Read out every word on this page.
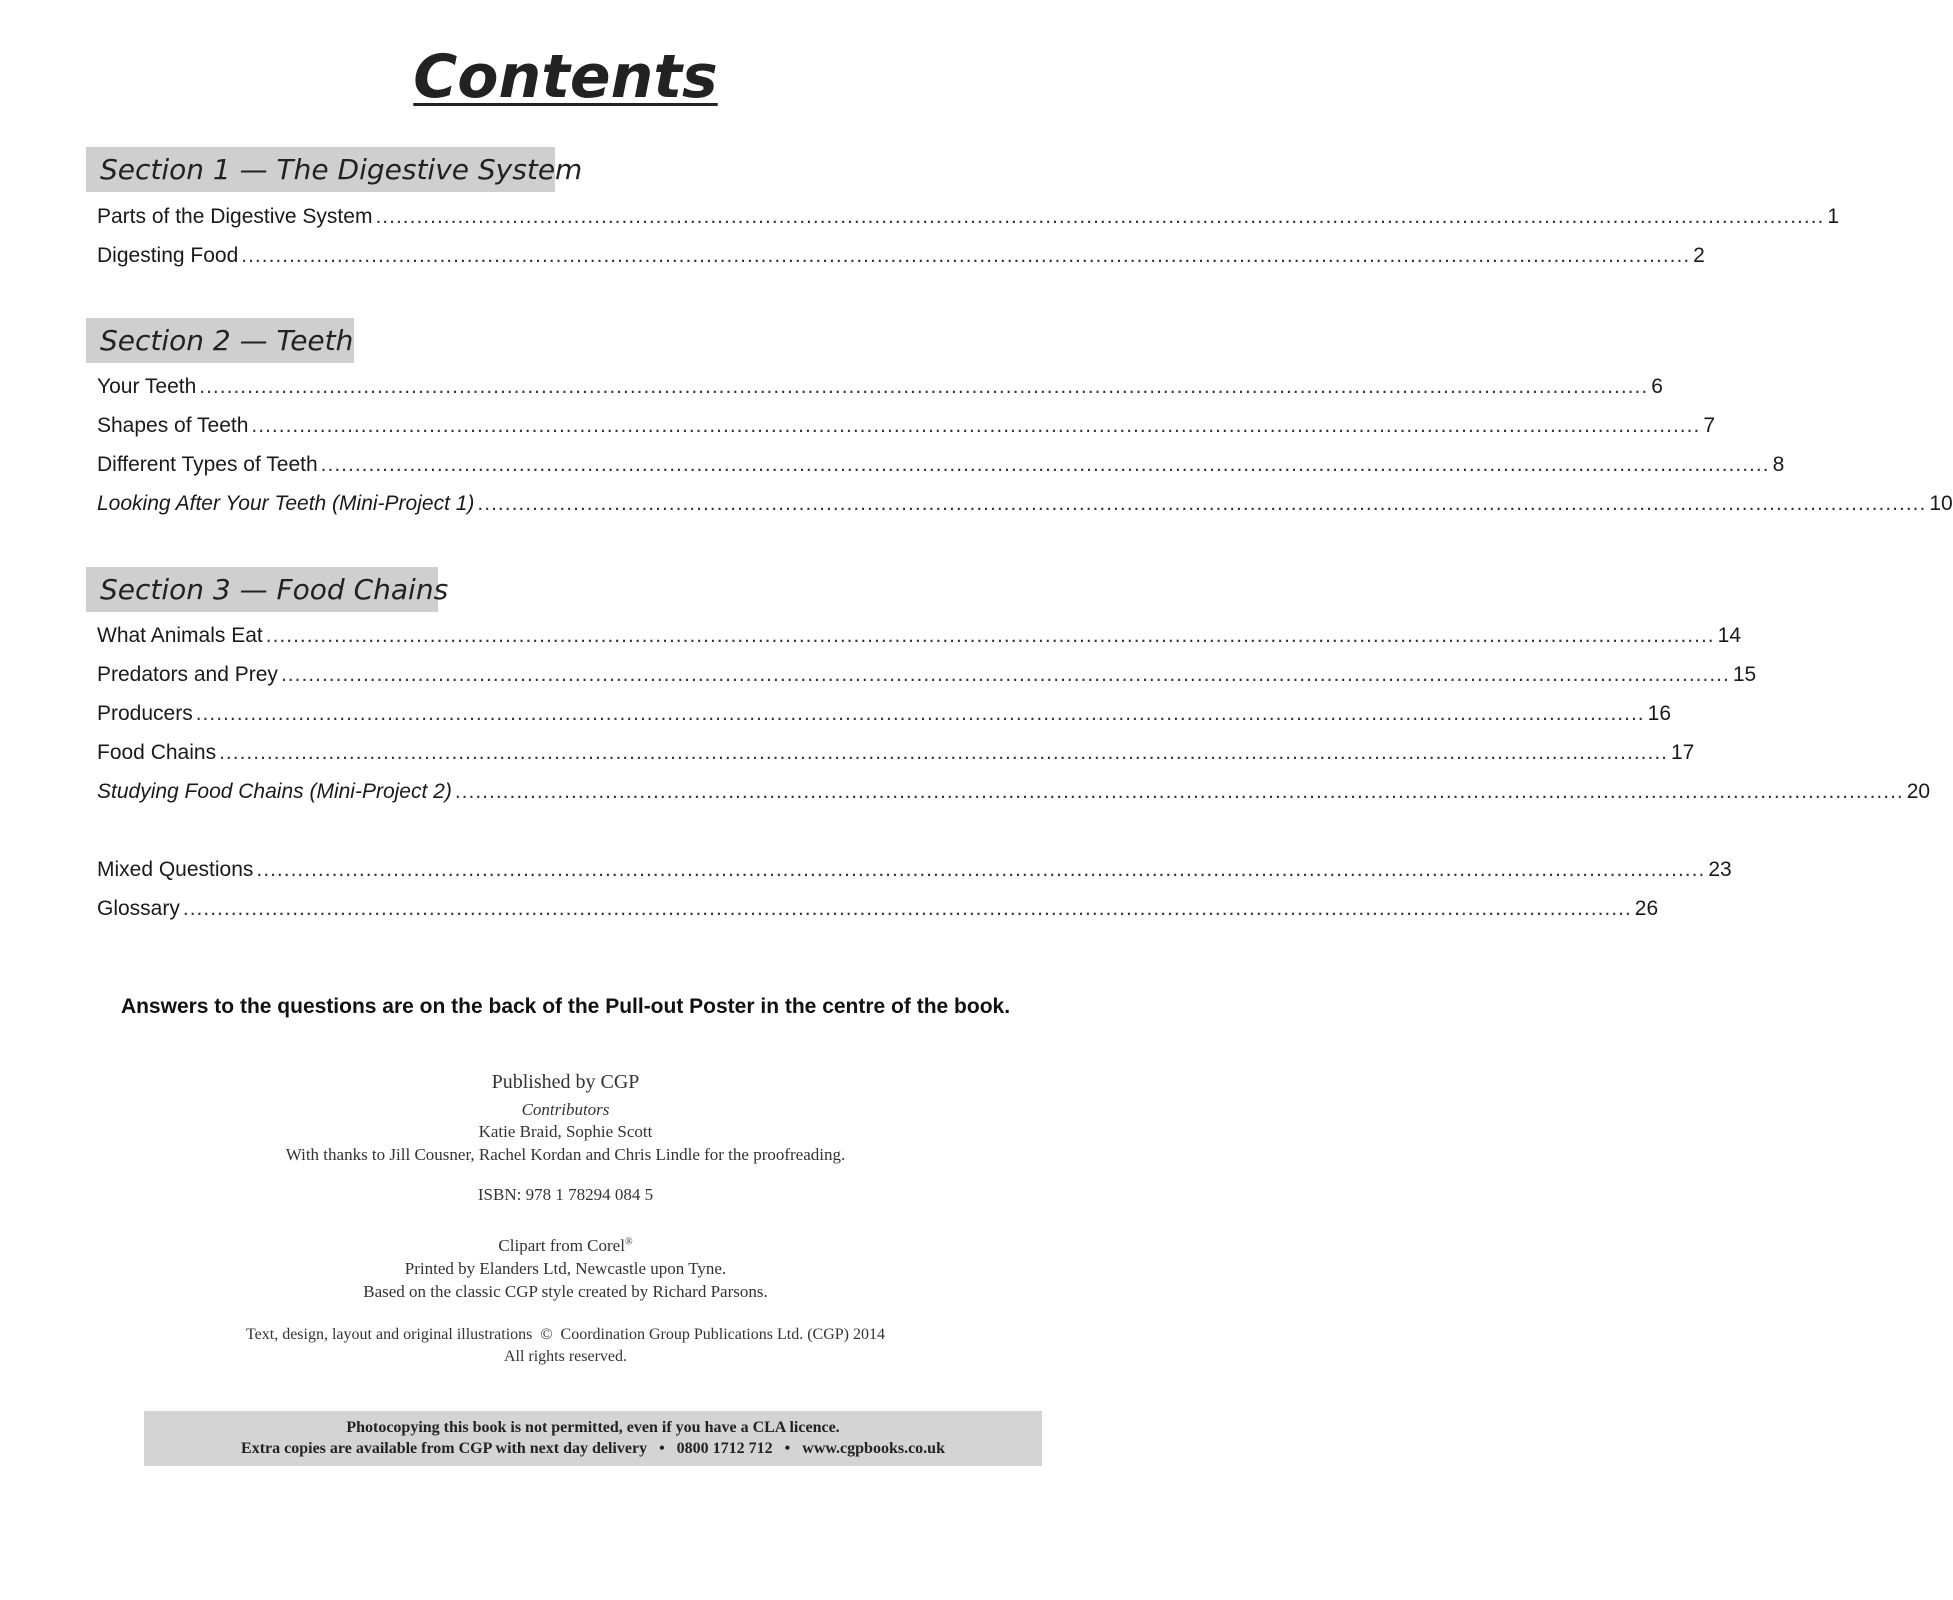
Contents
Section 1 — The Digestive System
Parts of the Digestive System .................................................................................................................................................................................................................... 1
Digesting Food .................................................................................................................................................................................................................... 2
Section 2 — Teeth
Your Teeth .................................................................................................................................................................................................................... 6
Shapes of Teeth .................................................................................................................................................................................................................... 7
Different Types of Teeth .................................................................................................................................................................................................................... 8
Looking After Your Teeth (Mini-Project 1) .................................................................................................................................................................................................................... 10
Section 3 — Food Chains
What Animals Eat .................................................................................................................................................................................................................... 14
Predators and Prey .................................................................................................................................................................................................................... 15
Producers .................................................................................................................................................................................................................... 16
Food Chains .................................................................................................................................................................................................................... 17
Studying Food Chains (Mini-Project 2) .................................................................................................................................................................................................................... 20
Mixed Questions .................................................................................................................................................................................................................... 23
Glossary .................................................................................................................................................................................................................... 26
Answers to the questions are on the back of the Pull-out Poster in the centre of the book.
Published by CGP
Contributors
Katie Braid, Sophie Scott
With thanks to Jill Cousner, Rachel Kordan and Chris Lindle for the proofreading.
ISBN: 978 1 78294 084 5
Clipart from Corel®
Printed by Elanders Ltd, Newcastle upon Tyne.
Based on the classic CGP style created by Richard Parsons.
Text, design, layout and original illustrations  ©  Coordination Group Publications Ltd. (CGP) 2014
All rights reserved.
Photocopying this book is not permitted, even if you have a CLA licence.
Extra copies are available from CGP with next day delivery   •   0800 1712 712   •   www.cgpbooks.co.uk
